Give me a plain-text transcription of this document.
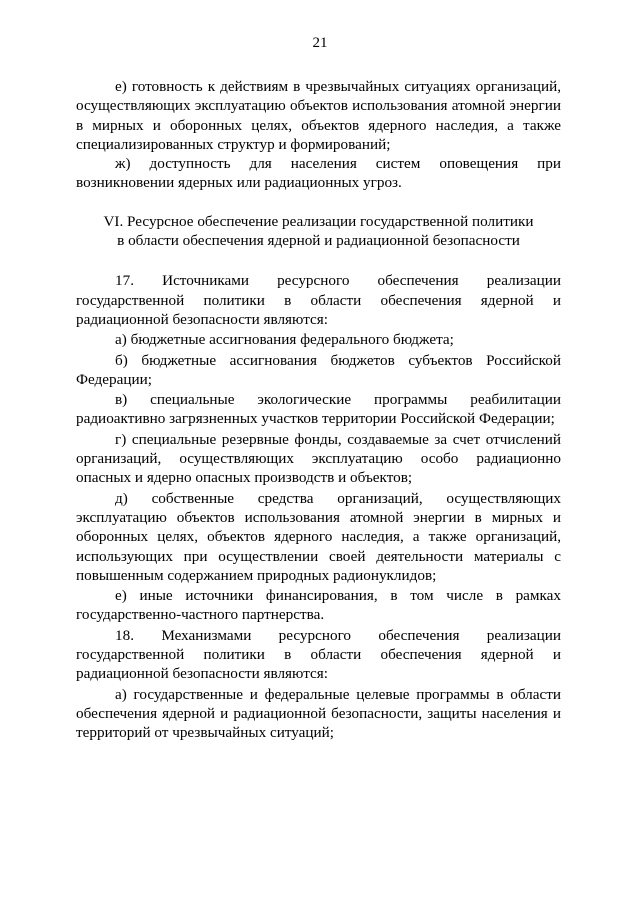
21

е) готовность к действиям в чрезвычайных ситуациях организаций, осуществляющих эксплуатацию объектов использования атомной энергии в мирных и оборонных целях, объектов ядерного наследия, а также специализированных структур и формирований;

ж) доступность для населения систем оповещения при возникновении ядерных или радиационных угроз.

VI. Ресурсное обеспечение реализации государственной политики
в области обеспечения ядерной и радиационной безопасности

17. Источниками ресурсного обеспечения реализации государственной политики в области обеспечения ядерной и радиационной безопасности являются:

а) бюджетные ассигнования федерального бюджета;

б) бюджетные ассигнования бюджетов субъектов Российской Федерации;

в) специальные экологические программы реабилитации радиоактивно загрязненных участков территории Российской Федерации;

г) специальные резервные фонды, создаваемые за счет отчислений организаций, осуществляющих эксплуатацию особо радиационно опасных и ядерно опасных производств и объектов;

д) собственные средства организаций, осуществляющих эксплуатацию объектов использования атомной энергии в мирных и оборонных целях, объектов ядерного наследия, а также организаций, использующих при осуществлении своей деятельности материалы с повышенным содержанием природных радионуклидов;

е) иные источники финансирования, в том числе в рамках государственно-частного партнерства.

18. Механизмами ресурсного обеспечения реализации государственной политики в области обеспечения ядерной и радиационной безопасности являются:

а) государственные и федеральные целевые программы в области обеспечения ядерной и радиационной безопасности, защиты населения и территорий от чрезвычайных ситуаций;
